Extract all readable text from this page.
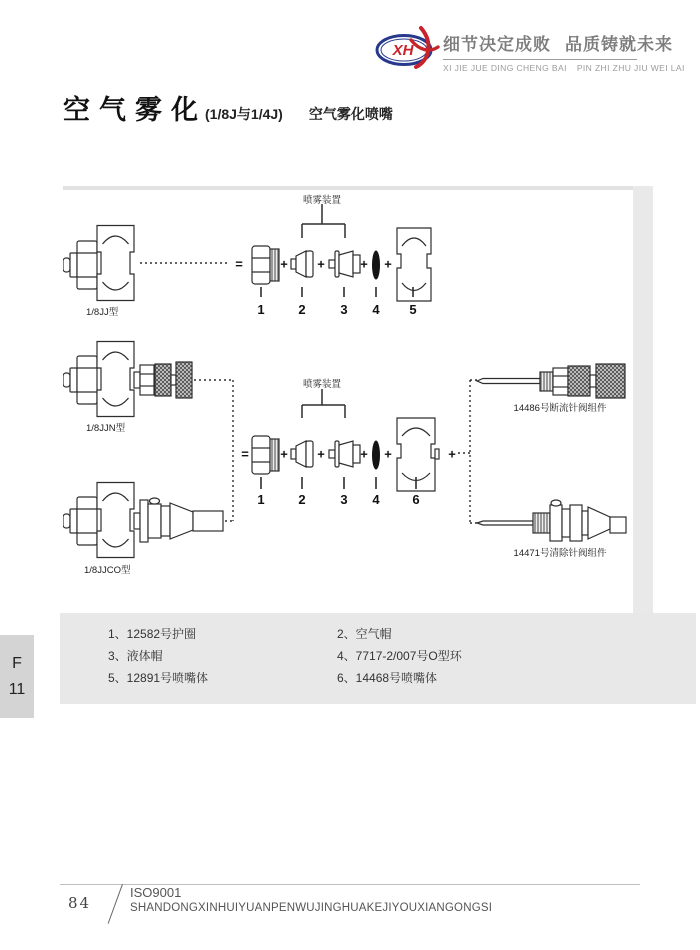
XH 细节决定成败 品质铸就未来
XI JIE JUE DING CHENG BAI PIN ZHI ZHU JIU WEI LAI
空气雾化
(1/8J与1/4J) 空气雾化喷嘴
1/8JJ型
1/8JJN型
1/8JJCO型
喷雾装置
喷雾装置
14486号断流针阀组件
14471号清除针阀组件
=	+ +	+ +
= + +	+ +	+
1	2	3 4 5
1	2	3 4	6
1、12582号护圈	2、空气帽
3、液体帽	4、7717-2/007号O型环
5、12891号喷嘴体	6、14468号喷嘴体
F
11
84
ISO9001
SHANDONGXINHUIYUANPENWUJINGHUAKEJIYOUXIANGONGSI
